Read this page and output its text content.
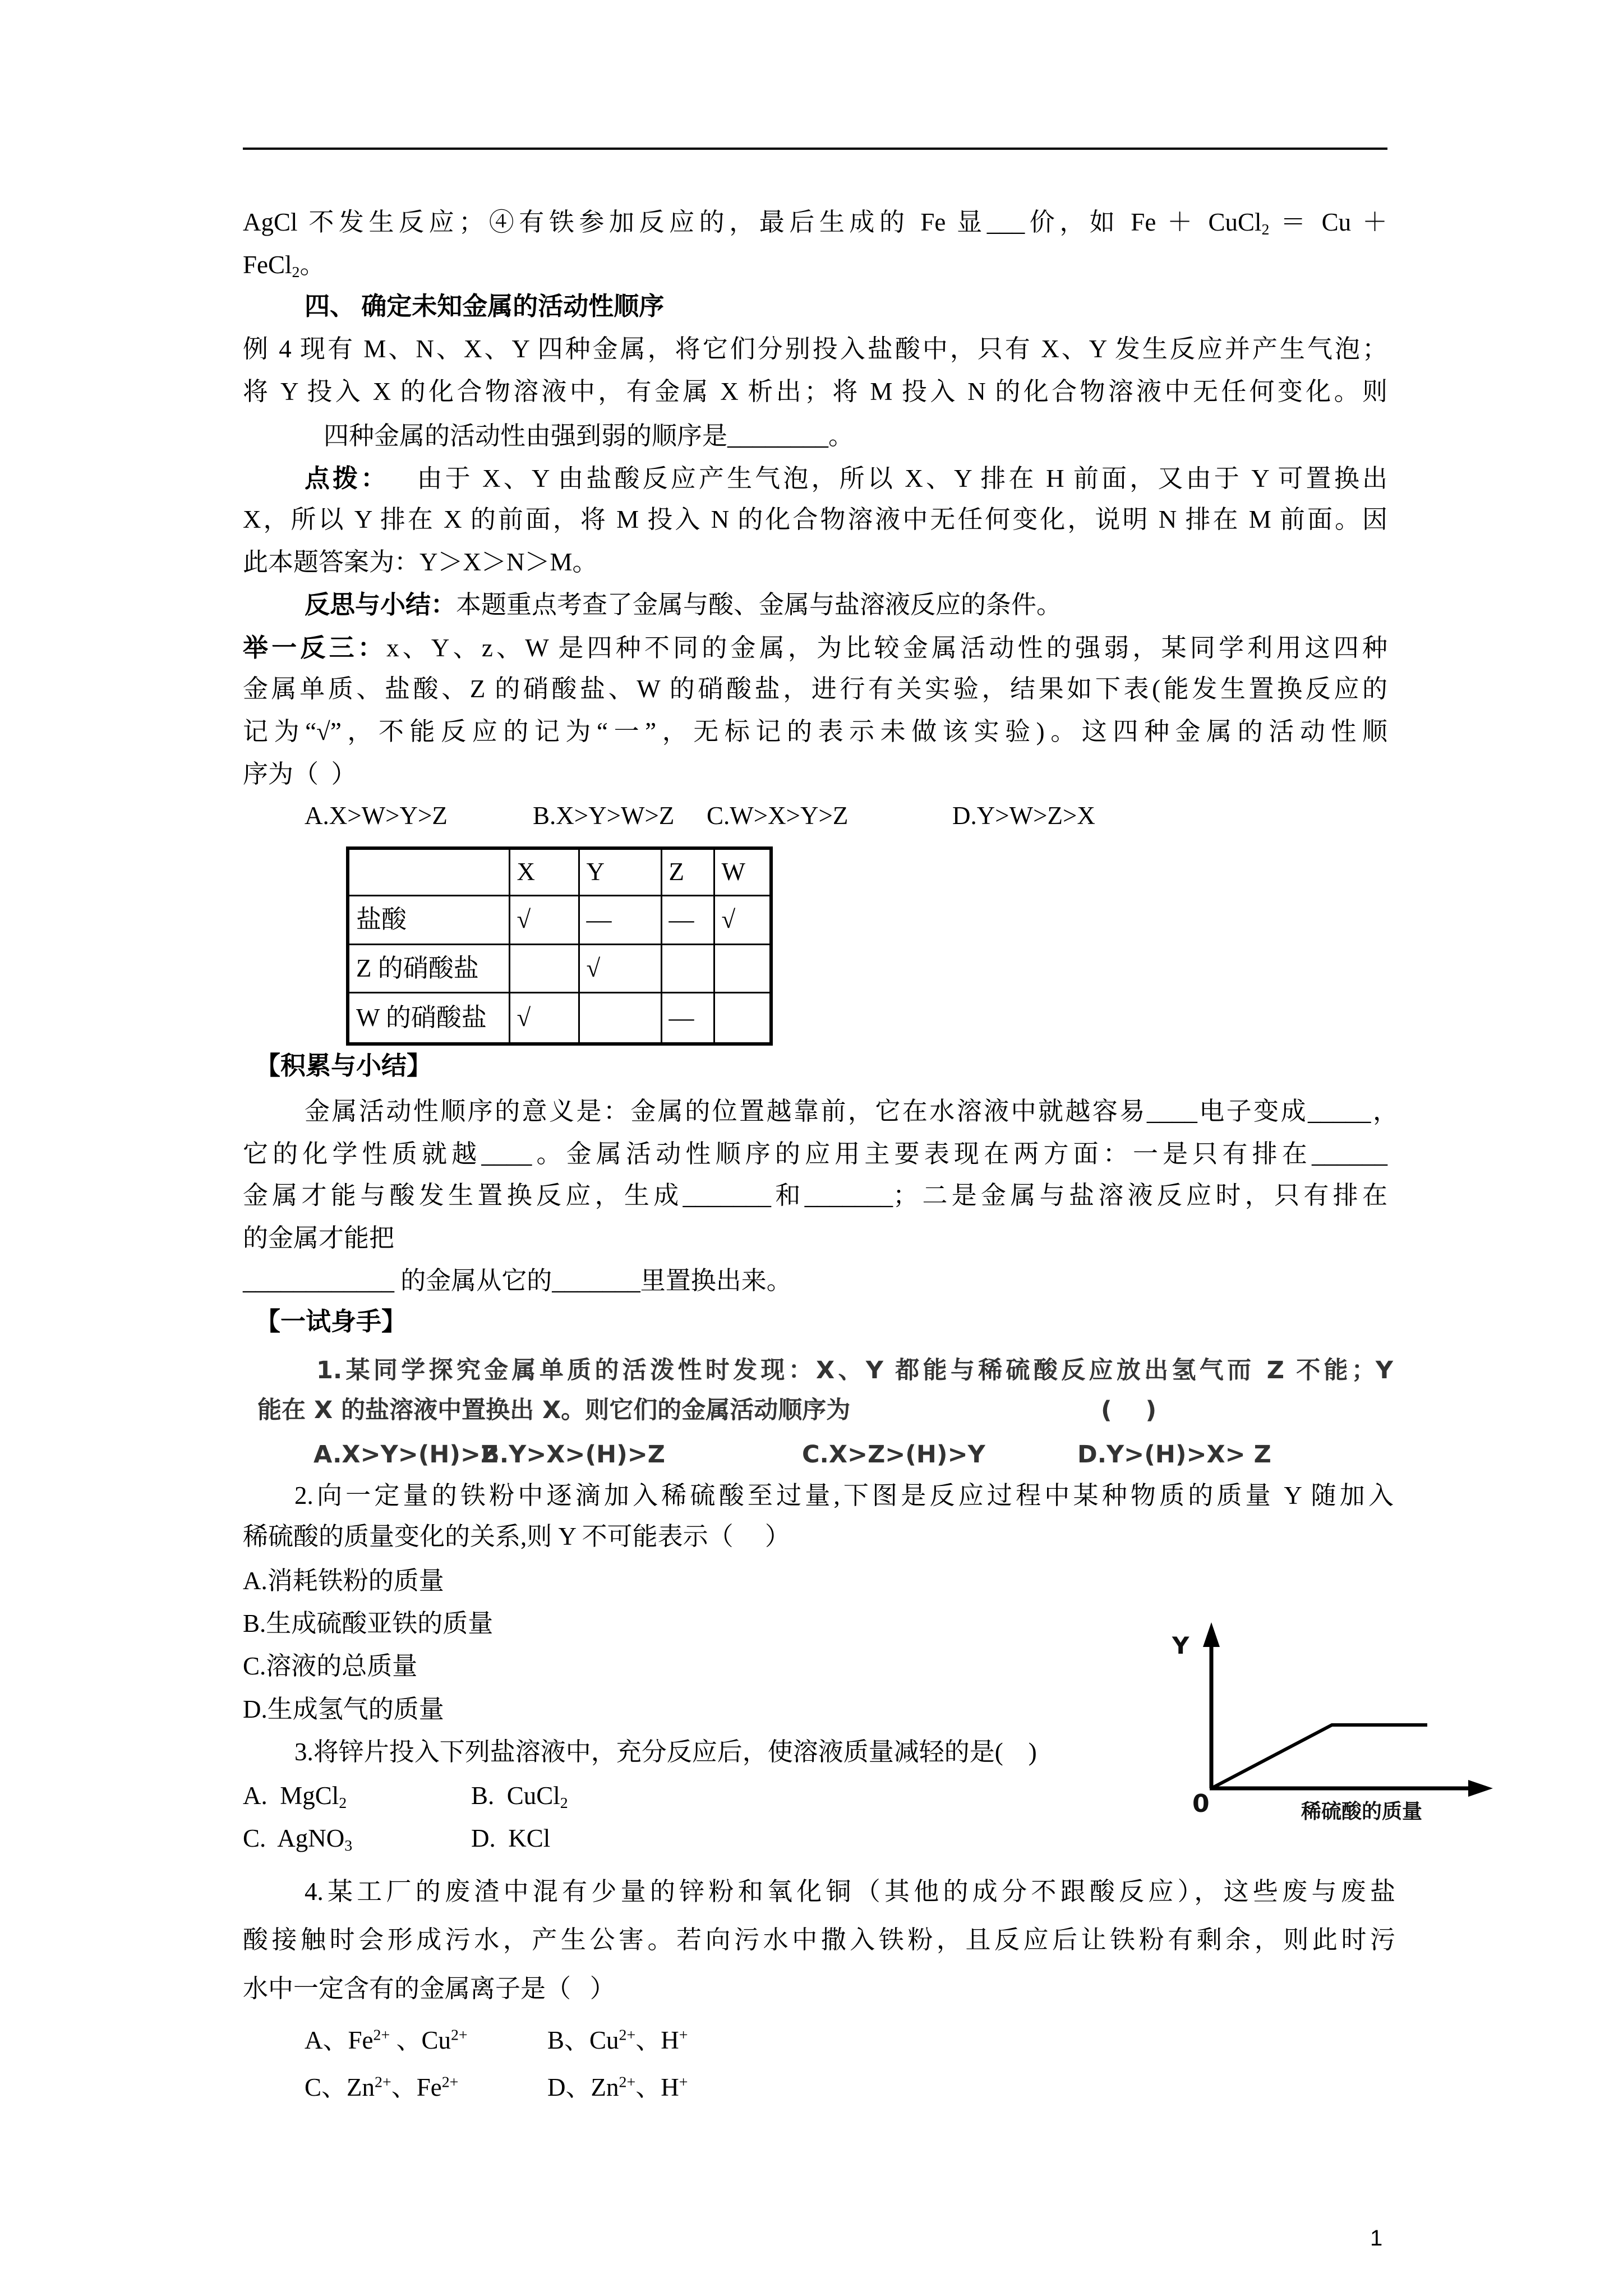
AgCl 不发生反应；④有铁参加反应的，最后生成的 Fe 显___价，如 Fe ＋ CuCl$_2$ ＝ Cu ＋
FeCl$_2$。
四、 确定未知金属的活动性顺序
例 4 现有 M、N、X、Y 四种金属，将它们分别投入盐酸中，只有 X、Y 发生反应并产生气泡；
将 Y 投入 X 的化合物溶液中，有金属 X 析出；将 M 投入 N 的化合物溶液中无任何变化。则
四种金属的活动性由强到弱的顺序是________。
点拨： 由于 X、Y 由盐酸反应产生气泡，所以 X、Y 排在 H 前面，又由于 Y 可置换出
X，所以 Y 排在 X 的前面，将 M 投入 N 的化合物溶液中无任何变化，说明 N 排在 M 前面。因
此本题答案为：Y＞X＞N＞M。
反思与小结：本题重点考查了金属与酸、金属与盐溶液反应的条件。
举一反三：x、Y、z、W 是四种不同的金属，为比较金属活动性的强弱，某同学利用这四种
金属单质、盐酸、Z 的硝酸盐、W 的硝酸盐，进行有关实验，结果如下表(能发生置换反应的
记为“√”，不能反应的记为“一”，无标记的表示未做该实验)。这四种金属的活动性顺
序为（  ）
A.X>W>Y>Z	B.X>Y>W>Z C.W>X>Y>Z	D.Y>W>Z>X
	X	Y	Z	W
盐酸	√	—	—	√
Z 的硝酸盐		√		
W 的硝酸盐	√		—	
【积累与小结】
金属活动性顺序的意义是：金属的位置越靠前，它在水溶液中就越容易____电子变成_____，
它的化学性质就越____。金属活动性顺序的应用主要表现在两方面：一是只有排在______
金属才能与酸发生置换反应，生成_______和_______；二是金属与盐溶液反应时，只有排在
的金属才能把
____________ 的金属从它的_______里置换出来。
【一试身手】
1.某同学探究金属单质的活泼性时发现：X、Y 都能与稀硫酸反应放出氢气而 Z 不能；Y
能在 X 的盐溶液中置换出 X。则它们的金属活动顺序为	(    )
A.X>Y>(H)>Z
B.Y>X>(H)>Z	C.X>Z>(H)>Y	D.Y>(H)>X> Z
2.向一定量的铁粉中逐滴加入稀硫酸至过量,下图是反应过程中某种物质的质量 Y 随加入
稀硫酸的质量变化的关系,则 Y 不可能表示（     ）
A.消耗铁粉的质量
B.生成硫酸亚铁的质量
C.溶液的总质量
D.生成氢气的质量
Y
0	稀硫酸的质量
3.将锌片投入下列盐溶液中，充分反应后，使溶液质量减轻的是(    )
A.  MgCl$_2$	B.  CuCl$_2$
C.  AgNO$_3$	D.  KCl
4.某工厂的废渣中混有少量的锌粉和氧化铜（其他的成分不跟酸反应），这些废与废盐
酸接触时会形成污水，产生公害。若向污水中撒入铁粉，且反应后让铁粉有剩余，则此时污
水中一定含有的金属离子是（   ）
A、$Fe^{2+}$ 、$Cu^{2+}$	B、$Cu^{2+}$、H+
C、$Zn^{2+}$、$Fe^{2+}$	D、$Zn^{2+}$、H+
1
